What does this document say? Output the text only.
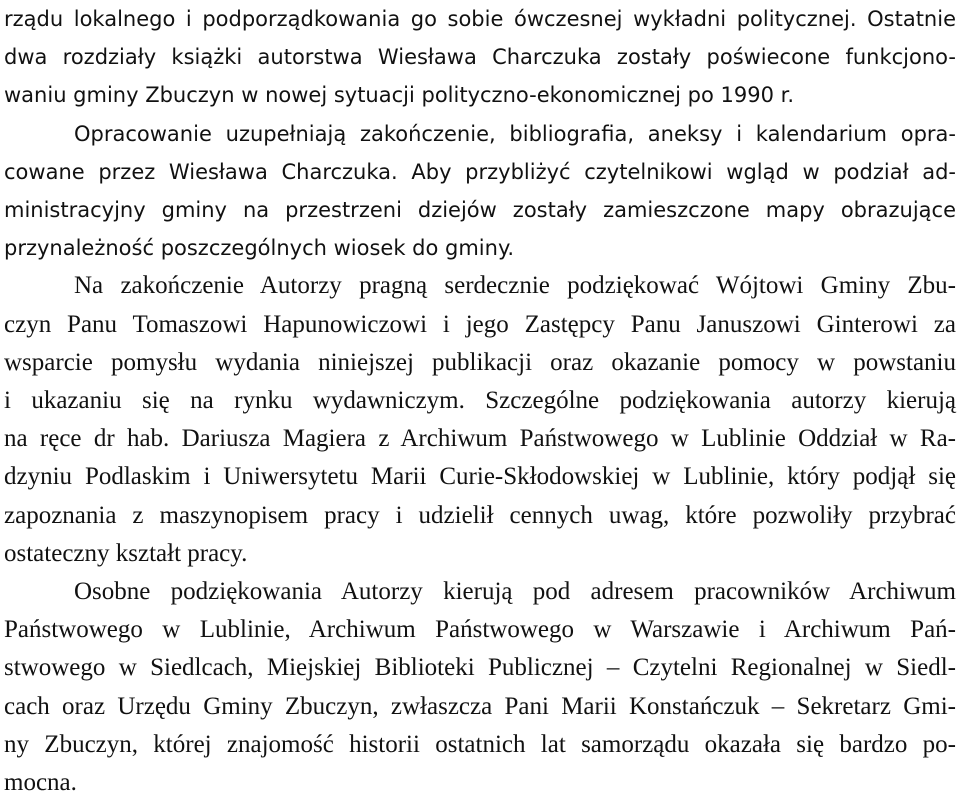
rządu lokalnego i podporządkowania go sobie ówczesnej wykładni politycznej. Ostatnie
dwa rozdziały książki autorstwa Wiesława Charczuka zostały poświecone funkcjono-
waniu gminy Zbuczyn w nowej sytuacji polityczno-ekonomicznej po 1990 r.
Opracowanie uzupełniają zakończenie, bibliografia, aneksy i kalendarium opra-
cowane przez Wiesława Charczuka. Aby przybliżyć czytelnikowi wgląd w podział ad-
ministracyjny gminy na przestrzeni dziejów zostały zamieszczone mapy obrazujące
przynależność poszczególnych wiosek do gminy.
Na zakończenie Autorzy pragną serdecznie podziękować Wójtowi Gminy Zbu-
czyn Panu Tomaszowi Hapunowiczowi i jego Zastępcy Panu Januszowi Ginterowi za
wsparcie pomysłu wydania niniejszej publikacji oraz okazanie pomocy w powstaniu
i ukazaniu się na rynku wydawniczym. Szczególne podziękowania autorzy kierują
na ręce dr hab. Dariusza Magiera z Archiwum Państwowego w Lublinie Oddział w Ra-
dzyniu Podlaskim i Uniwersytetu Marii Curie-Skłodowskiej w Lublinie, który podjął się
zapoznania z maszynopisem pracy i udzielił cennych uwag, które pozwoliły przybrać
ostateczny kształt pracy.
Osobne podziękowania Autorzy kierują pod adresem pracowników Archiwum
Państwowego w Lublinie, Archiwum Państwowego w Warszawie i Archiwum Pań-
stwowego w Siedlcach, Miejskiej Biblioteki Publicznej – Czytelni Regionalnej w Siedl-
cach oraz Urzędu Gminy Zbuczyn, zwłaszcza Pani Marii Konstańczuk – Sekretarz Gmi-
ny Zbuczyn, której znajomość historii ostatnich lat samorządu okazała się bardzo po-
mocna.
